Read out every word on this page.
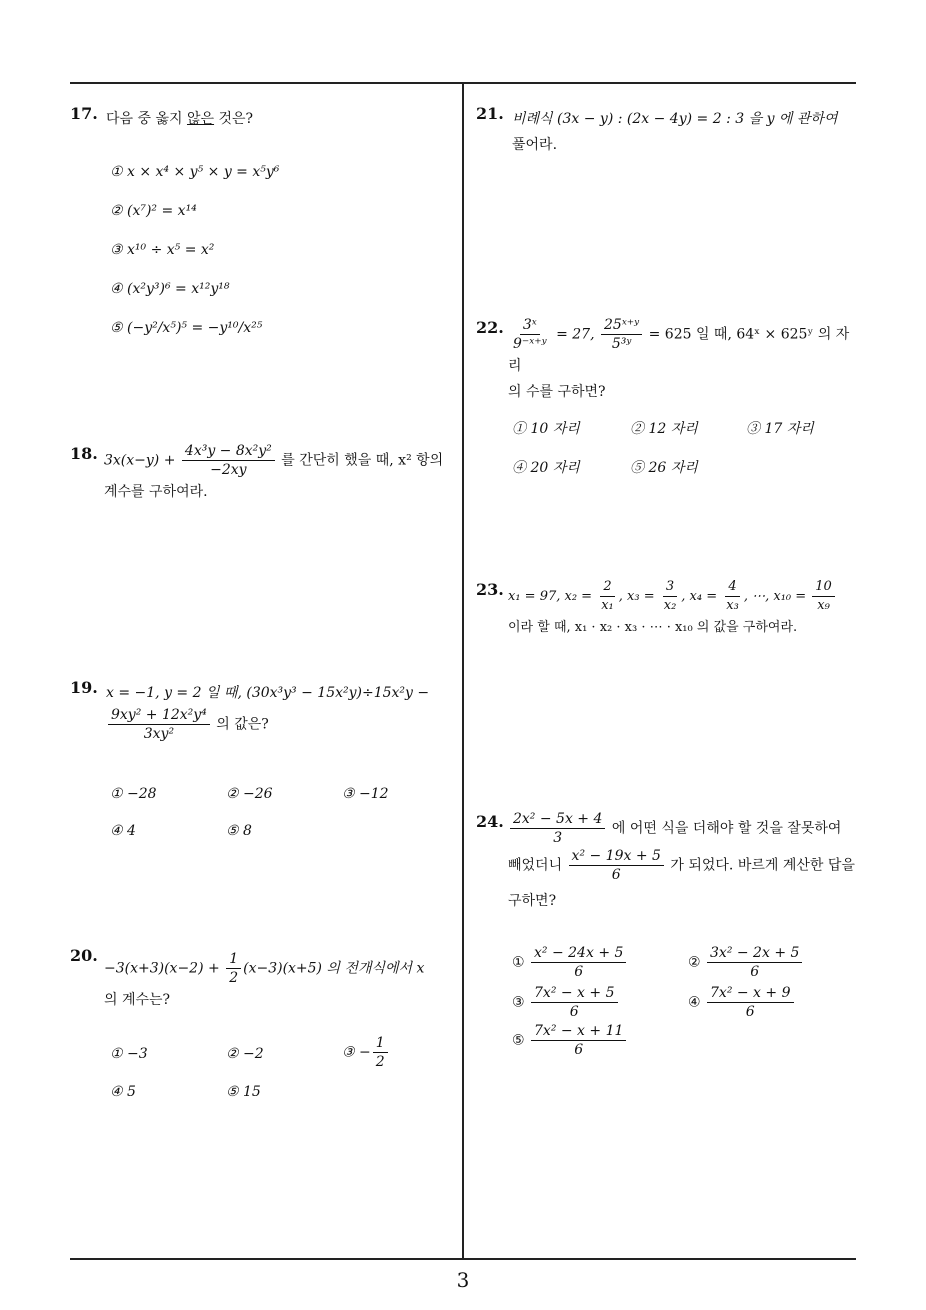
17. 다음 중 옳지 않은 것은?
① x × x⁴ × y⁵ × y = x⁵y⁶
② (x⁷)² = x¹⁴
③ x¹⁰ ÷ x⁵ = x²
④ (x²y³)⁶ = x¹²y¹⁸
⑤ (−y²/x⁵)⁵ = −y¹⁰/x²⁵
18. $3x(x-y) + \frac{\text{4x³y − 8x²y²}}{-2xy}$ 를 간단히 했을 때, x² 항의
계수를 구하여라.
19. x = −1, y = 2 일 때, (30x³y³ − 15x²y)÷15x²y −

$\frac{\text{9xy² + 12x²y⁴}}{\text{3xy²}}$ 의 값은?
① −28	② −26	③ −12
④ 4	⑤ 8
20.
$-3(x+3)(x-2) + \frac{1}{2} (x-3)(x+5)$ 의 전개식에서 x
의 계수는?
① −3	② −2	③ − $\frac{1}{2}$
④ 5	⑤ 15
21. 비례식 (3x − y) : (2x − 4y) = 2 : 3 을 y 에 관하여
풀어라.
22. $\frac{\text{3ˣ}}{\text{9⁻ˣ⁺ʸ}} = 27$, $\frac{\text{25ˣ⁺ʸ}}{\text{5³ʸ}} = 625$ 일 때, 64ˣ × 625ʸ 의 자리
의 수를 구하면?
① 10 자리	② 12 자리	③ 17 자리
④ 20 자리	⑤ 26 자리
23. x₁ = 97, $x_2 = \frac{2}{\text{x₁}}$ , $x_3 = \frac{3}{\text{x₂}}$ , $x_4 = \frac{4}{\text{x₃}}$ , ⋯, $x_{10} = \frac{10}{\text{x₉}}$

이라 할 때, x₁ · x₂ · x₃ · ⋯ · x₁₀ 의 값을 구하여라.
24. $\frac{\text{2x² − 5x + 4}}{3}$ 에 어떤 식을 더해야 할 것을 잘못하여
빼었더니 $\frac{\text{x² − 19x + 5}}{6}$ 가 되었다. 바르게 계산한 답을
구하면?
① $\frac{\text{x² − 24x + 5}}{6}$	② $\frac{\text{3x² − 2x + 5}}{6}$
③ $\frac{\text{7x² − x + 5}}{6}$	④ $\frac{\text{7x² − x + 9}}{6}$
⑤ $\frac{\text{7x² − x + 11}}{6}$
3
